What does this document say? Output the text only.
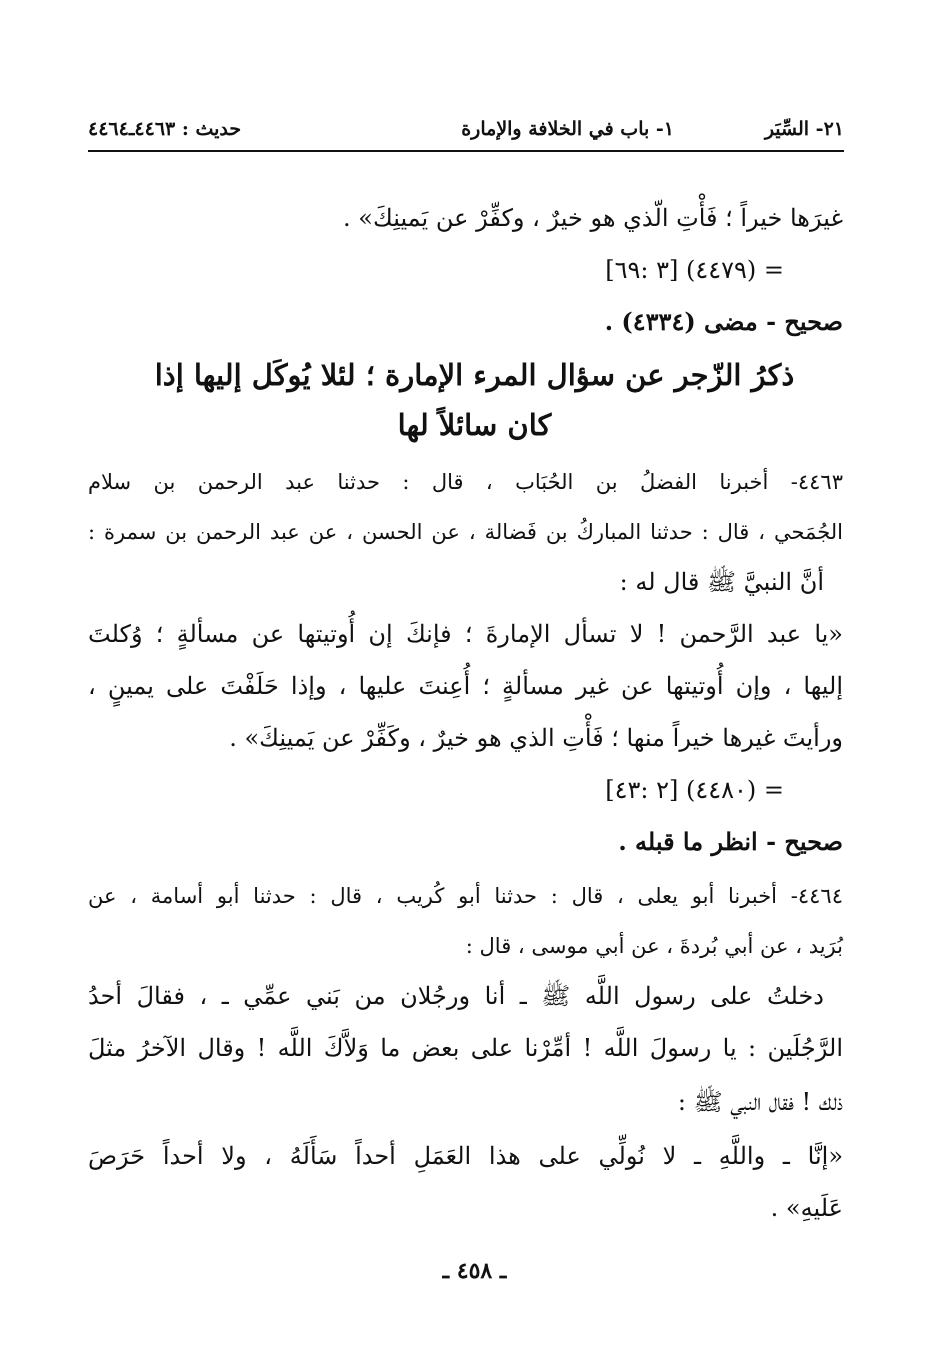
٢١- السِّيَر
١- باب في الخلافة والإمارة
حديث : ٤٤٦٣ـ٤٤٦٤
غيرَها خيراً ؛ فَأْتِ الّذي هو خيرٌ ، وكفِّرْ عن يَمينِكَ» .
= (٤٤٧٩) [٣ :٦٩]
صحيح - مضى (٤٣٣٤) .
ذكرُ الزّجر عن سؤال المرء الإمارة ؛ لئلا يُوكَل إليها إذا
كان سائلاً لها
٤٤٦٣- أخبرنا الفضلُ بن الحُبَاب ، قال : حدثنا عبد الرحمن بن سلام
الجُمَحي ، قال : حدثنا المباركُ بن فَضالة ، عن الحسن ، عن عبد الرحمن بن سمرة :
أنَّ النبيَّ ﷺ قال له :
«يا عبد الرَّحمن ! لا تسأل الإمارةَ ؛ فإنكَ إن أُوتيتها عن مسألةٍ ؛ وُكلتَ
إليها ، وإن أُوتيتها عن غير مسألةٍ ؛ أُعِنتَ عليها ، وإذا حَلَفْتَ على يمينٍ ،
ورأيتَ غيرها خيراً منها ؛ فَأْتِ الذي هو خيرٌ ، وكَفِّرْ عن يَمينِكَ» .
= (٤٤٨٠) [٢ :٤٣]
صحيح - انظر ما قبله .
٤٤٦٤- أخبرنا أبو يعلى ، قال : حدثنا أبو كُريب ، قال : حدثنا أبو أسامة ، عن
بُرَيد ، عن أبي بُردةَ ، عن أبي موسى ، قال :
دخلتُ على رسول اللَّه ﷺ ـ أنا ورجُلان من بَني عمِّي ـ ، فقالَ أحدُ
الرَّجُلَين : يا رسولَ اللَّه ! أمِّرْنا على بعض ما وَلاَّكَ اللَّه ! وقال الآخرُ مثلَ
ذلك ! فقال النبي ﷺ :
«إنَّا ـ واللَّهِ ـ لا نُولِّي على هذا العَمَلِ أحداً سَأَلَهُ ، ولا أحداً حَرَصَ
عَلَيهِ» .
ـ ٤٥٨ ـ
